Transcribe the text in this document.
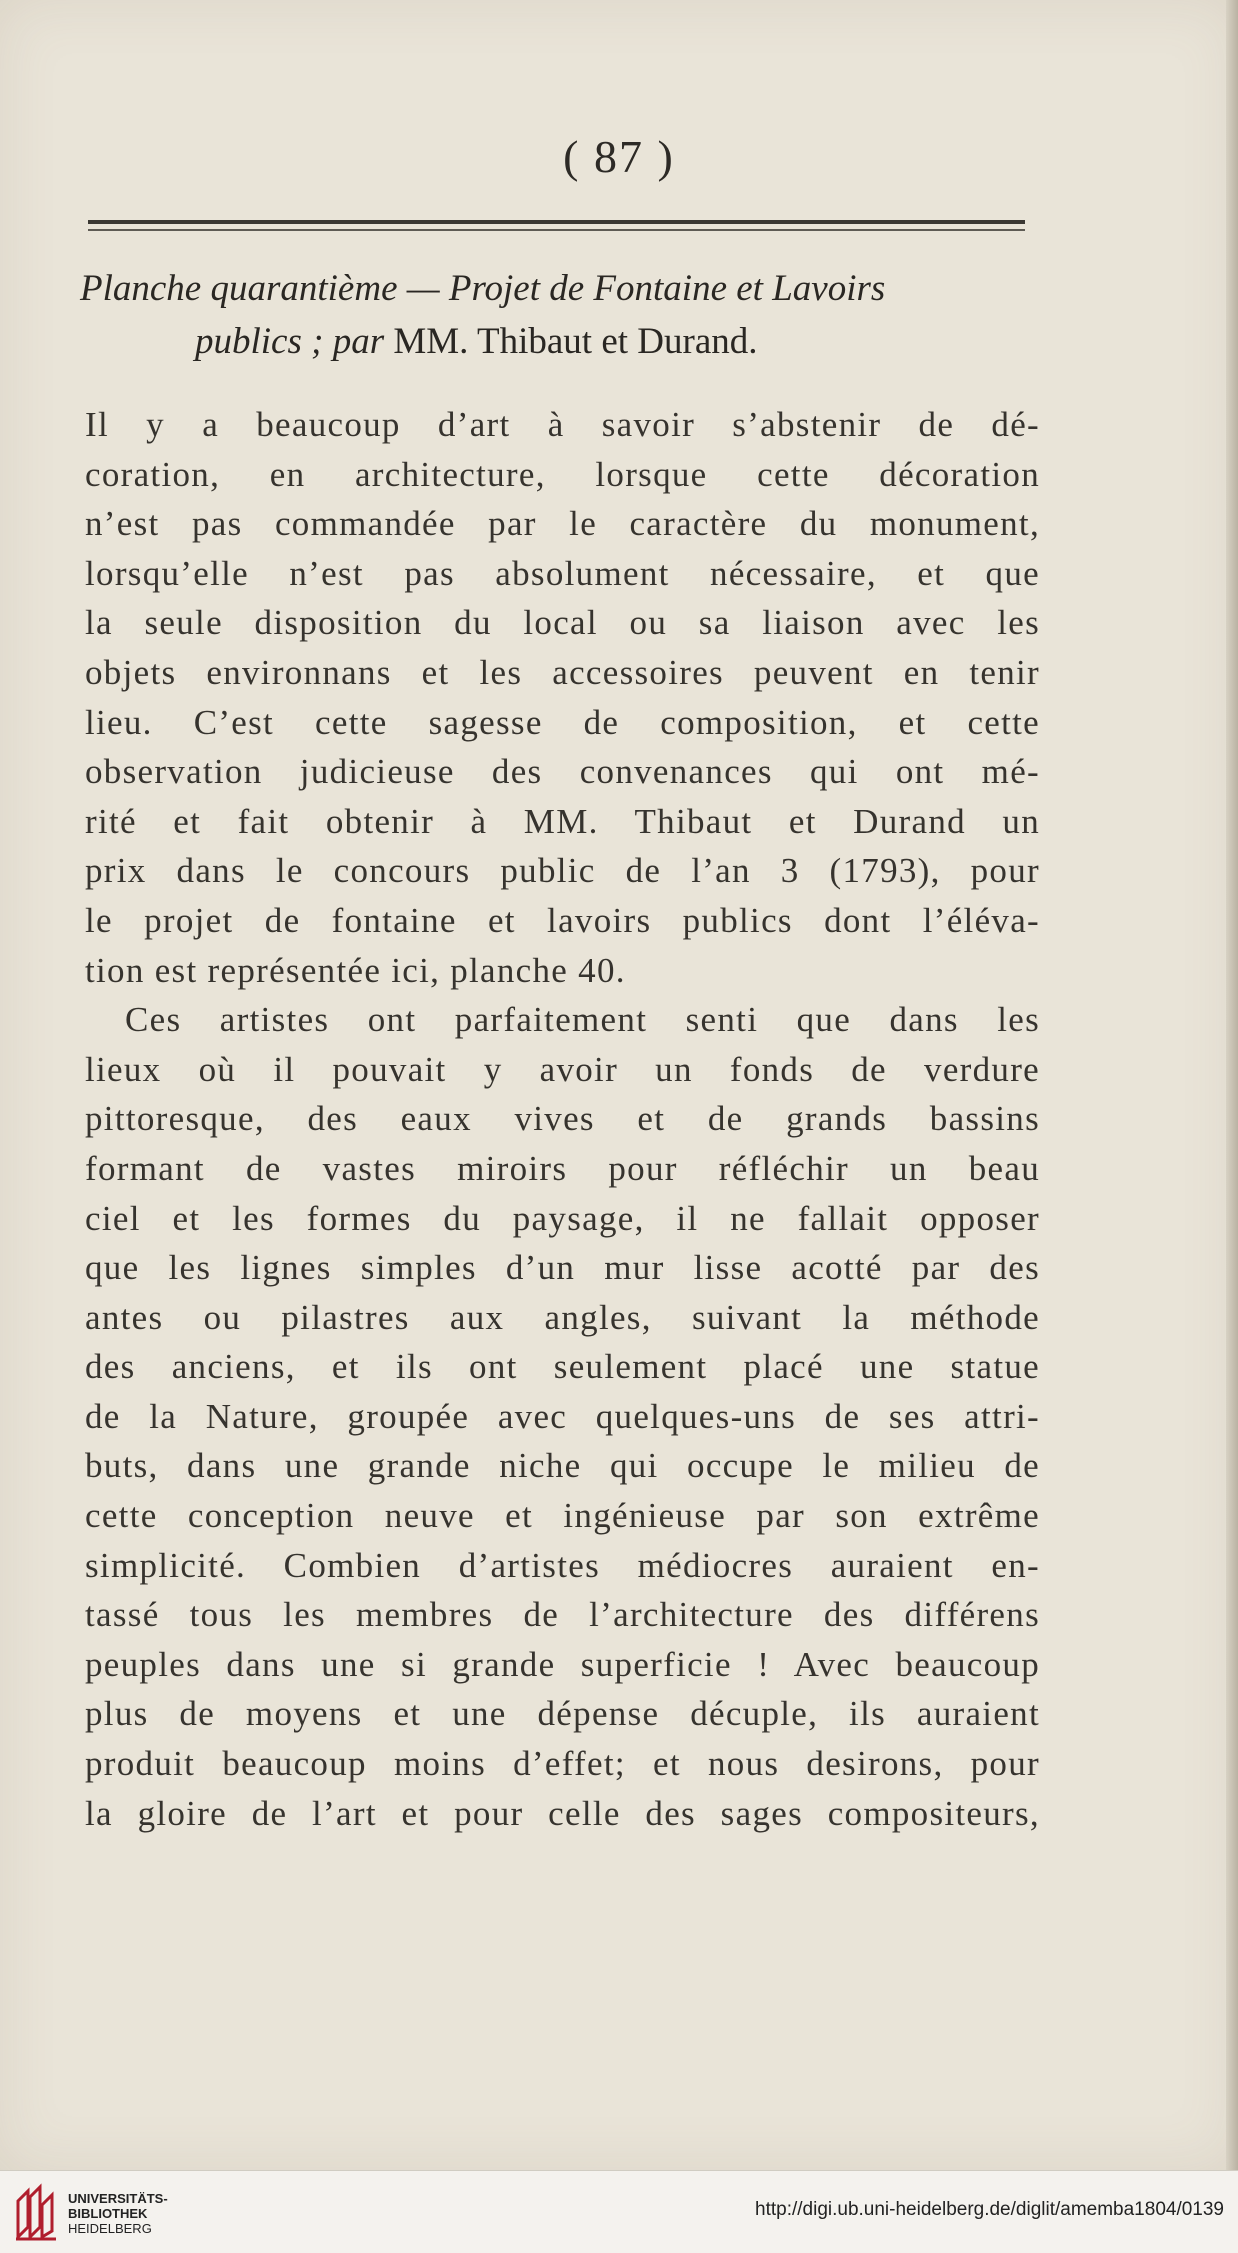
( 87 )
Planche quarantième — Projet de Fontaine et Lavoirs
publics ; par MM. Thibaut et Durand.
Il y a beaucoup d’art à savoir s’abstenir de dé-
coration, en architecture, lorsque cette décoration
n’est pas commandée par le caractère du monument,
lorsqu’elle n’est pas absolument nécessaire, et que
la seule disposition du local ou sa liaison avec les
objets environnans et les accessoires peuvent en tenir
lieu. C’est cette sagesse de composition, et cette
observation judicieuse des convenances qui ont mé-
rité et fait obtenir à MM. Thibaut et Durand un
prix dans le concours public de l’an 3 (1793), pour
le projet de fontaine et lavoirs publics dont l’éléva-
tion est représentée ici, planche 40.
Ces artistes ont parfaitement senti que dans les
lieux où il pouvait y avoir un fonds de verdure
pittoresque, des eaux vives et de grands bassins
formant de vastes miroirs pour réfléchir un beau
ciel et les formes du paysage, il ne fallait opposer
que les lignes simples d’un mur lisse acotté par des
antes ou pilastres aux angles, suivant la méthode
des anciens, et ils ont seulement placé une statue
de la Nature, groupée avec quelques-uns de ses attri-
buts, dans une grande niche qui occupe le milieu de
cette conception neuve et ingénieuse par son extrême
simplicité. Combien d’artistes médiocres auraient en-
tassé tous les membres de l’architecture des différens
peuples dans une si grande superficie ! Avec beaucoup
plus de moyens et une dépense décuple, ils auraient
produit beaucoup moins d’effet; et nous desirons, pour
la gloire de l’art et pour celle des sages compositeurs,
UNIVERSITÄTS-
BIBLIOTHEK
HEIDELBERG
http://digi.ub.uni-heidelberg.de/diglit/amemba1804/0139
